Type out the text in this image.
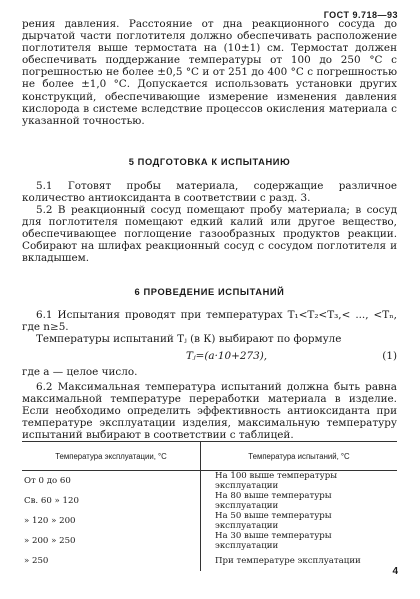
ГОСТ 9.718—93
рения давления. Расстояние от дна реакционного сосуда до дырчатой части поглотителя должно обеспечивать расположение поглотителя выше термостата на (10±1) см. Термостат должен обеспечивать поддержание температуры от 100 до 250 °С с погрешностью не более ±0,5 °С и от 251 до 400 °С с погрешностью не более ±1,0 °С. Допускается использовать установки других конструкций, обеспечивающие измерение изменения давления кислорода в системе вследствие процессов окисления материала с указанной точностью.
5 ПОДГОТОВКА К ИСПЫТАНИЮ
5.1 Готовят пробы материала, содержащие различное количество антиоксиданта в соответствии с разд. 3.
5.2 В реакционный сосуд помещают пробу материала; в сосуд для поглотителя помещают едкий калий или другое вещество, обеспечивающее поглощение газообразных продуктов реакции. Собирают на шлифах реакционный сосуд с сосудом поглотителя и вкладышем.
6 ПРОВЕДЕНИЕ ИСПЫТАНИЙ
6.1 Испытания проводят при температурах T₁<T₂<T₃,< ..., <Tₙ, где n≥5.
Температуры испытаний Tⱼ (в К) выбирают по формуле
Tⱼ=(a·10+273),	(1)
где a — целое число.
6.2 Максимальная температура испытаний должна быть равна максимальной температуре переработки материала в изделие. Если необходимо определить эффективность антиоксиданта при температуре эксплуатации изделия, максимальную температуру испытаний выбирают в соответствии с таблицей.
Температура эксплуатации, °С	Температура испытаний, °С
От 0 до 60	На 100 выше температуры эксплуатации
Св. 60 » 120	На 80 выше температуры эксплуатации
» 120 » 200	На 50 выше температуры эксплуатации
» 200 » 250	На 30 выше температуры эксплуатации
» 250	При температуре эксплуатации
4
